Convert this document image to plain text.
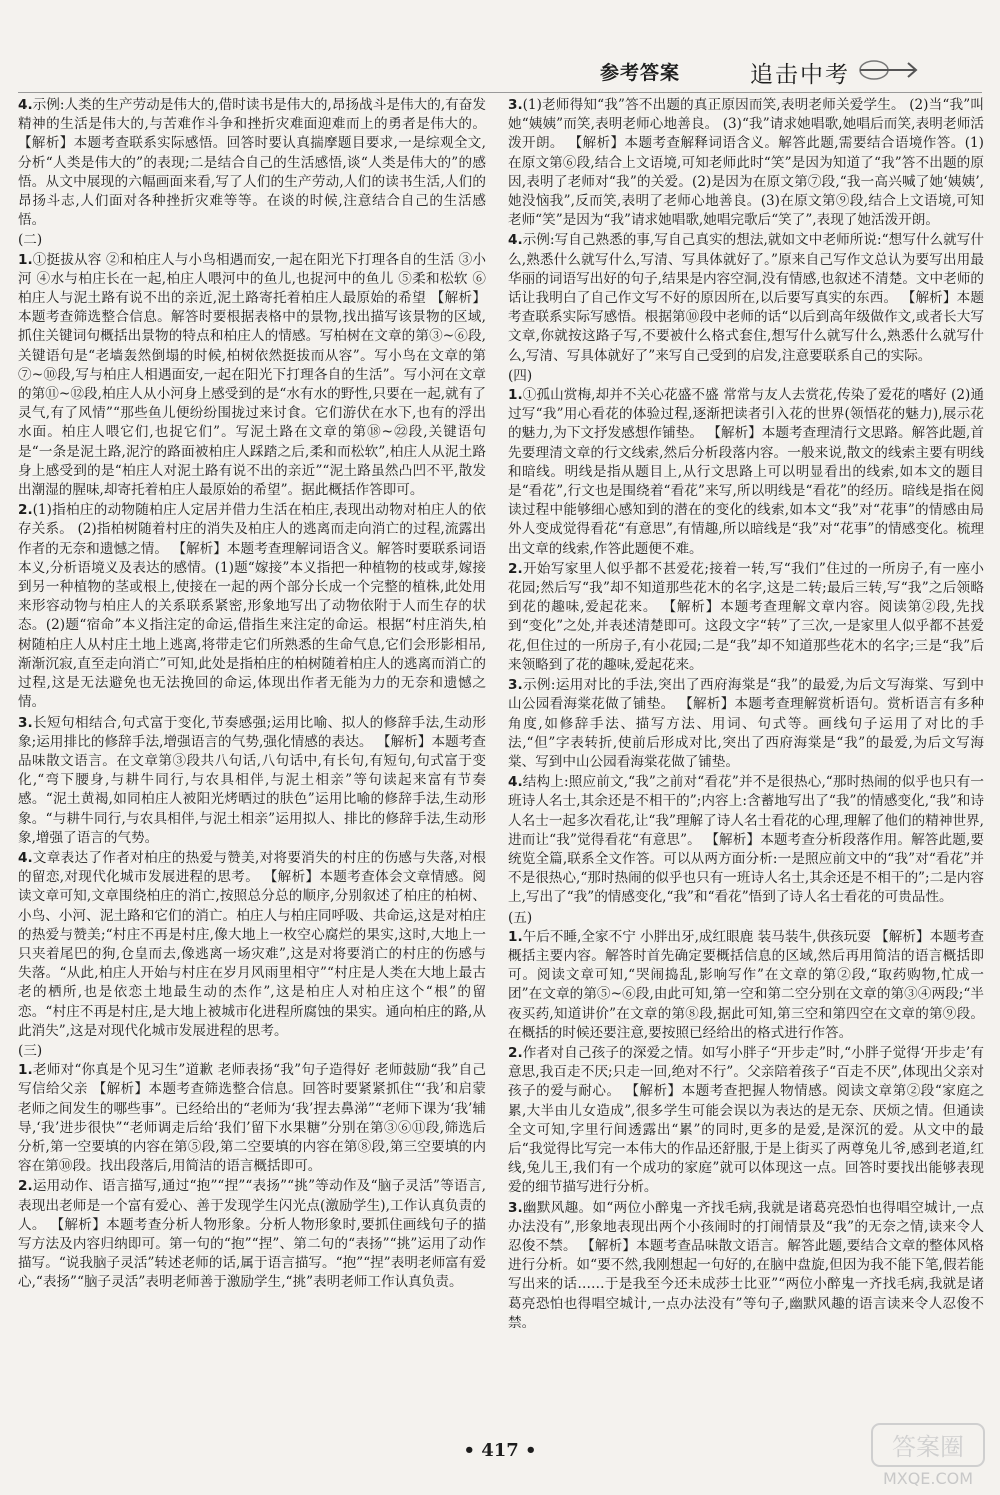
参考答案	追击中考

4.示例:人类的生产劳动是伟大的,借时读书是伟大的,昂扬战斗是伟大的,有奋发精神的生活是伟大的,与苦难作斗争和挫折灾难面迎难而上的勇者是伟大的。 【解析】本题考查联系实际感悟。回答时要认真揣摩题目要求,一是综观全文,分析“人类是伟大的”的表现;二是结合自己的生活感悟,谈“人类是伟大的”的感悟。从文中展现的六幅画面来看,写了人们的生产劳动,人们的读书生活,人们的昂扬斗志,人们面对各种挫折灾难等等。在谈的时候,注意结合自己的生活感悟。

(二)

1.①挺拔从容 ②和柏庄人与小鸟相遇而安,一起在阳光下打理各自的生活 ③小河 ④水与柏庄长在一起,柏庄人喂河中的鱼儿,也捉河中的鱼儿 ⑤柔和松软 ⑥柏庄人与泥土路有说不出的亲近,泥土路寄托着柏庄人最原始的希望 【解析】本题考查筛选整合信息。解答时要根据表格中的景物,找出描写该景物的区域,抓住关键词句概括出景物的特点和柏庄人的情感。写柏树在文章的第③~⑥段,关键语句是“老墙轰然倒塌的时候,柏树依然挺拔而从容”。写小鸟在文章的第⑦~⑩段,写与柏庄人相遇面安,一起在阳光下打理各自的生活”。写小河在文章的第⑪~⑫段,柏庄人从小河身上感受到的是“水有水的野性,只要在一起,就有了灵气,有了风情”“那些鱼儿便纷纷围拢过来讨食。它们游伏在水下,也有的浮出水面。柏庄人喂它们,也捉它们”。写泥土路在文章的第⑱~㉒段,关键语句是“一条是泥土路,泥泞的路面被柏庄人踩踏之后,柔和而松软”,柏庄人从泥土路身上感受到的是“柏庄人对泥土路有说不出的亲近”“泥土路虽然凸凹不平,散发出潮湿的腥味,却寄托着柏庄人最原始的希望”。据此概括作答即可。

2.(1)指柏庄的动物随柏庄人定居并借力生活在柏庄,表现出动物对柏庄人的依存关系。 (2)指柏树随着村庄的消失及柏庄人的逃离而走向消亡的过程,流露出作者的无奈和遗憾之情。 【解析】本题考查理解词语含义。解答时要联系词语本义,分析语境义及表达的感情。(1)题“嫁接”本义指把一种植物的枝或芽,嫁接到另一种植物的茎或根上,使接在一起的两个部分长成一个完整的植株,此处用来形容动物与柏庄人的关系联系紧密,形象地写出了动物依附于人而生存的状态。(2)题“宿命”本义指注定的命运,借指生来注定的命运。根据“村庄消失,柏树随柏庄人从村庄土地上逃离,将带走它们所熟悉的生命气息,它们会形影相吊,渐渐沉寂,直至走向消亡”可知,此处是指柏庄的柏树随着柏庄人的逃离而消亡的过程,这是无法避免也无法挽回的命运,体现出作者无能为力的无奈和遗憾之情。

3.长短句相结合,句式富于变化,节奏感强;运用比喻、拟人的修辞手法,生动形象;运用排比的修辞手法,增强语言的气势,强化情感的表达。 【解析】本题考查品味散文语言。在文章第③段共八句话,八句话中,有长句,有短句,句式富于变化,“弯下腰身,与耕牛同行,与农具相伴,与泥土相亲”等句读起来富有节奏感。“泥土黄褐,如同柏庄人被阳光烤晒过的肤色”运用比喻的修辞手法,生动形象。“与耕牛同行,与农具相伴,与泥土相亲”运用拟人、排比的修辞手法,生动形象,增强了语言的气势。

4.文章表达了作者对柏庄的热爱与赞美,对将要消失的村庄的伤感与失落,对根的留恋,对现代化城市发展进程的思考。 【解析】本题考查体会文章情感。阅读文章可知,文章围绕柏庄的消亡,按照总分总的顺序,分别叙述了柏庄的柏树、小鸟、小河、泥土路和它们的消亡。柏庄人与柏庄同呼吸、共命运,这是对柏庄的热爱与赞美;“村庄不再是村庄,像大地上一枚空心腐烂的果实,这时,大地上一只夹着尾巴的狗,仓皇而去,像逃离一场灾难”,这是对将要消亡的村庄的伤感与失落。“从此,柏庄人开始与村庄在岁月风雨里相守”“村庄是人类在大地上最古老的栖所,也是依恋土地最生动的杰作”,这是柏庄人对柏庄这个“根”的留恋。“村庄不再是村庄,是大地上被城市化进程所腐蚀的果实。通向柏庄的路,从此消失”,这是对现代化城市发展进程的思考。

(三)

1.老师对“你真是个见习生”道歉 老师表扬“我”句子造得好 老师鼓励“我”自己写信给父亲 【解析】本题考查筛选整合信息。回答时要紧紧抓住“‘我’和启蒙老师之间发生的哪些事”。已经给出的“老师为‘我’捏去鼻涕”“老师下课为‘我’辅导,‘我’进步很快”“老师调走后给‘我们’留下水果糖”分别在第③⑥⑪段,筛选后分析,第一空要填的内容在第⑤段,第二空要填的内容在第⑧段,第三空要填的内容在第⑩段。找出段落后,用简洁的语言概括即可。

2.运用动作、语言描写,通过“抱”“捏”“表扬”“挑”等动作及“脑子灵活”等语言,表现出老师是一个富有爱心、善于发现学生闪光点(激励学生),工作认真负责的人。 【解析】本题考查分析人物形象。分析人物形象时,要抓住画线句子的描写方法及内容归纳即可。第一句的“抱”“捏”、第二句的“表扬”“挑”运用了动作描写。“说我脑子灵活”转述老师的话,属于语言描写。“抱”“捏”表明老师富有爱心,“表扬”“脑子灵活”表明老师善于激励学生,“挑”表明老师工作认真负责。

3.(1)老师得知“我”答不出题的真正原因而笑,表明老师关爱学生。 (2)当“我”叫她“姨姨”而笑,表明老师心地善良。 (3)“我”请求她唱歌,她唱后而笑,表明老师活泼开朗。 【解析】本题考查解释词语含义。解答此题,需要结合语境作答。(1)在原文第⑥段,结合上文语境,可知老师此时“笑”是因为知道了“我”答不出题的原因,表明了老师对“我”的关爱。(2)是因为在原文第⑦段,“我一高兴喊了她‘姨姨’,她没恼我”,反而笑,表明了老师心地善良。(3)在原文第⑨段,结合上文语境,可知老师“笑”是因为“我”请求她唱歌,她唱完歌后“笑了”,表现了她活泼开朗。

4.示例:写自己熟悉的事,写自己真实的想法,就如文中老师所说:“想写什么就写什么,熟悉什么就写什么,写清、写具体就好了。”原来自己写作文总认为要写出用最华丽的词语写出好的句子,结果是内容空洞,没有情感,也叙述不清楚。文中老师的话让我明白了自己作文写不好的原因所在,以后要写真实的东西。 【解析】本题考查联系实际写感悟。根据第⑩段中老师的话“以后到高年级做作文,或者长大写文章,你就按这路子写,不要被什么格式套住,想写什么就写什么,熟悉什么就写什么,写清、写具体就好了”来写自己受到的启发,注意要联系自己的实际。

(四)

1.①孤山赏梅,却并不关心花盛不盛 常常与友人去赏花,传染了爱花的嗜好 (2)通过写“我”用心看花的体验过程,逐渐把读者引入花的世界(领悟花的魅力),展示花的魅力,为下文抒发感想作铺垫。 【解析】本题考查理清行文思路。解答此题,首先要理清文章的行文线索,然后分析段落内容。一般来说,散文的线索主要有明线和暗线。明线是指从题目上,从行文思路上可以明显看出的线索,如本文的题目是“看花”,行文也是围绕着“看花”来写,所以明线是“看花”的经历。暗线是指在阅读过程中能够细心感知到的潜在的变化的线索,如本文“我”对“花事”的情感由局外人变成觉得看花“有意思”,有情趣,所以暗线是“我”对“花事”的情感变化。梳理出文章的线索,作答此题便不难。

2.开始写家里人似乎都不甚爱花;接着一转,写“我们”住过的一所房子,有一座小花园;然后写“我”却不知道那些花木的名字,这是二转;最后三转,写“我”之后领略到花的趣味,爱起花来。 【解析】本题考查理解文章内容。阅读第②段,先找到“变化”之处,并表述清楚即可。这段文字“转”了三次,一是家里人似乎都不甚爱花,但住过的一所房子,有小花园;二是“我”却不知道那些花木的名字;三是“我”后来领略到了花的趣味,爱起花来。

3.示例:运用对比的手法,突出了西府海棠是“我”的最爱,为后文写海棠、写到中山公园看海棠花做了铺垫。 【解析】本题考查理解赏析语句。赏析语言有多种角度,如修辞手法、描写方法、用词、句式等。画线句子运用了对比的手法,“但”字表转折,使前后形成对比,突出了西府海棠是“我”的最爱,为后文写海棠、写到中山公园看海棠花做了铺垫。

4.结构上:照应前文,“我”之前对“看花”并不是很热心,“那时热闹的似乎也只有一班诗人名士,其余还是不相干的”;内容上:含蓄地写出了“我”的情感变化,“我”和诗人名士一起多次看花,让“我”理解了诗人名士看花的心理,理解了他们的精神世界,进而让“我”觉得看花“有意思”。 【解析】本题考查分析段落作用。解答此题,要统览全篇,联系全文作答。可以从两方面分析:一是照应前文中的“我”对“看花”并不是很热心,“那时热闹的似乎也只有一班诗人名士,其余还是不相干的”;二是内容上,写出了“我”的情感变化,“我”和“看花”悟到了诗人名士看花的可贵品性。

(五)

1.午后不睡,全家不宁 小胖出牙,成红眼鹿 装马装牛,供孩玩耍 【解析】本题考查概括主要内容。解答时首先确定要概括信息的区域,然后再用简洁的语言概括即可。阅读文章可知,“哭闹捣乱,影响写作”在文章的第②段,“取药购物,忙成一团”在文章的第⑤~⑥段,由此可知,第一空和第二空分别在文章的第③④两段;“半夜买药,知道讲价”在文章的第⑧段,据此可知,第三空和第四空在文章的第⑨段。在概括的时候还要注意,要按照已经给出的格式进行作答。

2.作者对自己孩子的深爱之情。如写小胖子“开步走”时,“小胖子觉得‘开步走’有意思,我百走不厌;只走一回,绝对不行”。父亲陪着孩子“百走不厌”,体现出父亲对孩子的爱与耐心。 【解析】本题考查把握人物情感。阅读文章第②段“家庭之累,大半由儿女造成”,很多学生可能会误以为表达的是无奈、厌烦之情。但通读全文可知,字里行间透露出“累”的同时,更多的是爱,是深沉的爱。从文中的最后“我觉得比写完一本伟大的作品还舒服,于是上街买了两尊兔儿爷,感到老道,红线,兔儿王,我们有一个成功的家庭”就可以体现这一点。回答时要找出能够表现爱的细节描写进行分析。

3.幽默风趣。如“两位小醉鬼一齐找毛病,我就是诸葛亮恐怕也得唱空城计,一点办法没有”,形象地表现出两个小孩闹时的打闹情景及“我”的无奈之情,读来令人忍俊不禁。 【解析】本题考查品味散文语言。解答此题,要结合文章的整体风格进行分析。如“要不然,我刚想起一句好的,在脑中盘旋,但因为我不能下笔,假若能写出来的话……于是我至今还未成莎士比亚”“两位小醉鬼一齐找毛病,我就是诸葛亮恐怕也得唱空城计,一点办法没有”等句子,幽默风趣的语言读来令人忍俊不禁。

• 417 •	答案圈
MXQE.COM
